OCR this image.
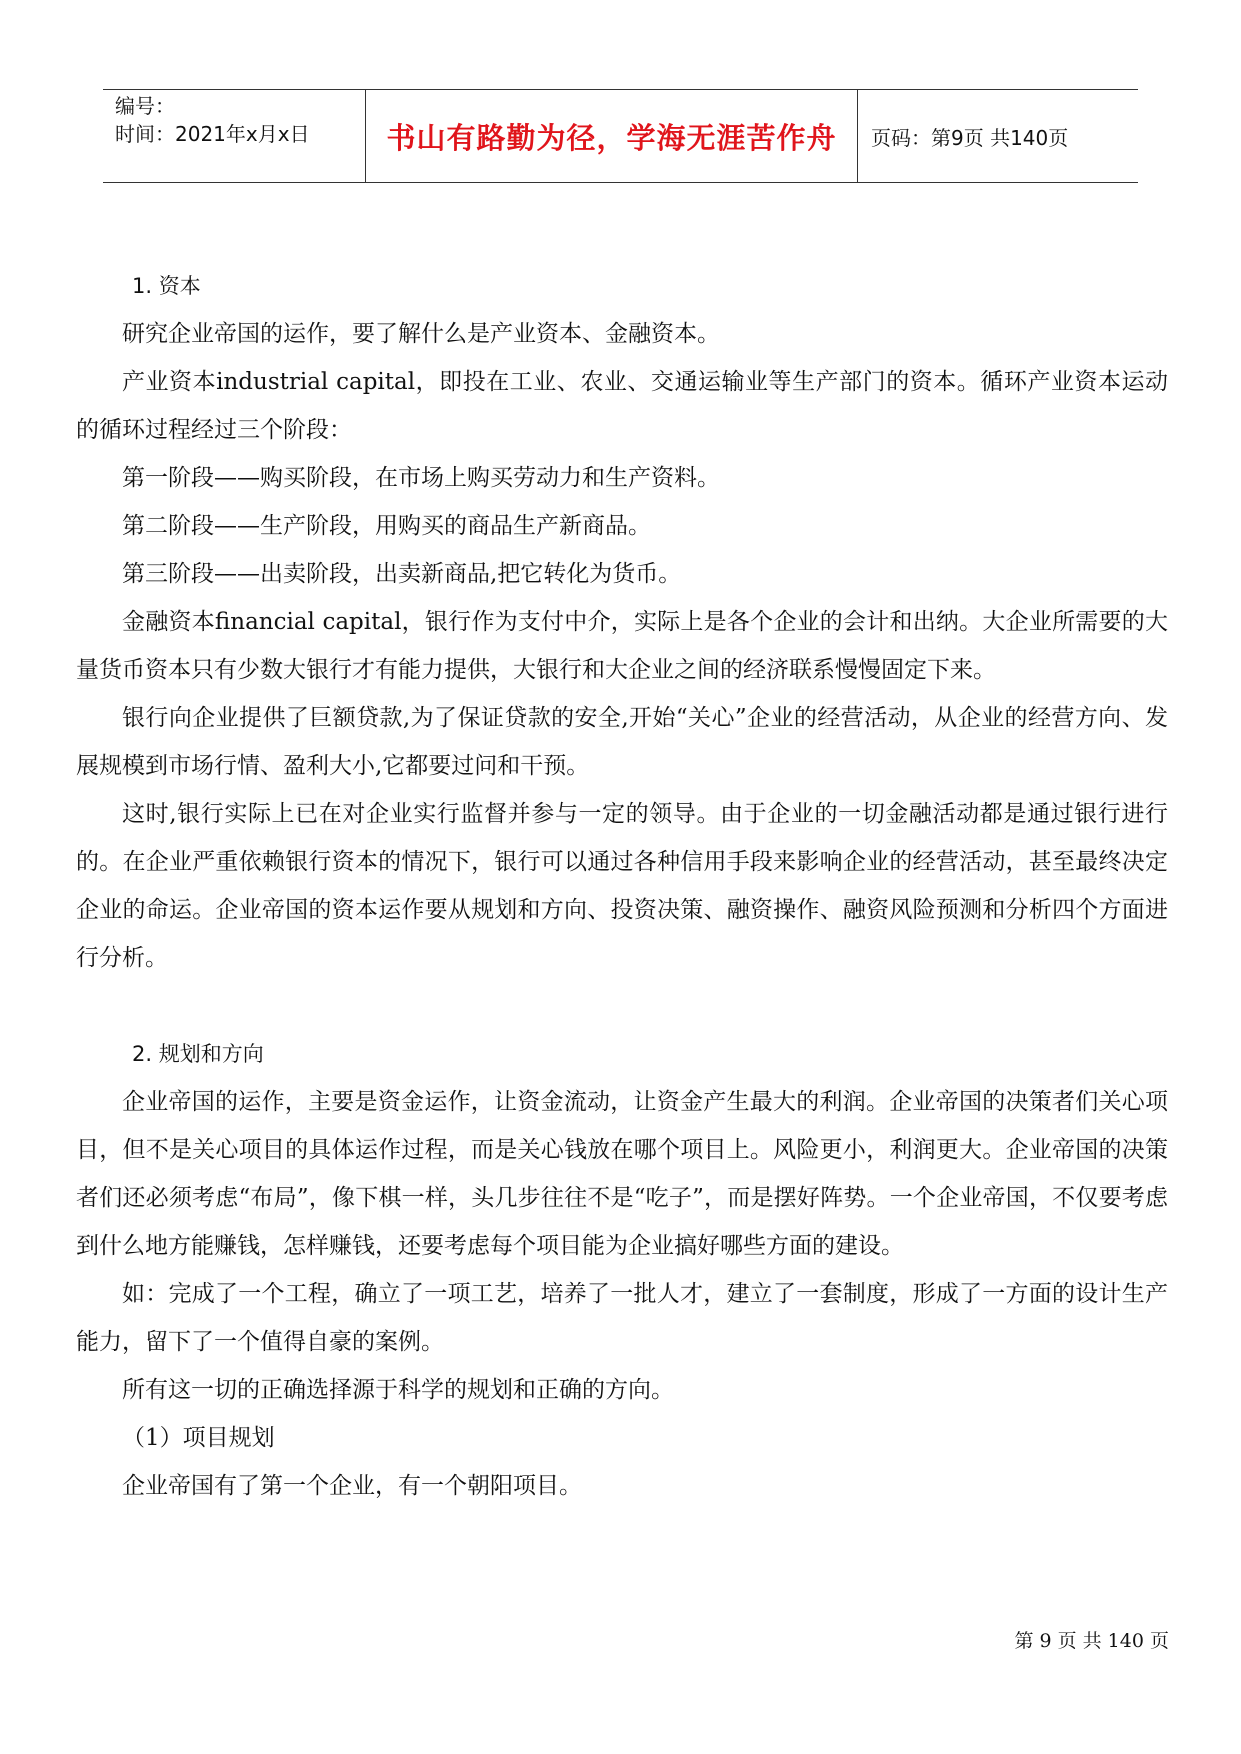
编号：
时间：2021年x月x日	书山有路勤为径，学海无涯苦作舟 页码：第9页 共140页

1. 资本

研究企业帝国的运作，要了解什么是产业资本、金融资本。

产业资本industrial capital，即投在工业、农业、交通运输业等生产部门的资本。循环产业资本运动的循环过程经过三个阶段：

第一阶段——购买阶段，在市场上购买劳动力和生产资料。

第二阶段——生产阶段，用购买的商品生产新商品。

第三阶段——出卖阶段，出卖新商品,把它转化为货币。

金融资本financial capital，银行作为支付中介，实际上是各个企业的会计和出纳。大企业所需要的大量货币资本只有少数大银行才有能力提供，大银行和大企业之间的经济联系慢慢固定下来。

银行向企业提供了巨额贷款,为了保证贷款的安全,开始“关心”企业的经营活动，从企业的经营方向、发展规模到市场行情、盈利大小,它都要过问和干预。

这时,银行实际上已在对企业实行监督并参与一定的领导。由于企业的一切金融活动都是通过银行进行的。在企业严重依赖银行资本的情况下，银行可以通过各种信用手段来影响企业的经营活动，甚至最终决定企业的命运。企业帝国的资本运作要从规划和方向、投资决策、融资操作、融资风险预测和分析四个方面进行分析。

2. 规划和方向

企业帝国的运作，主要是资金运作，让资金流动，让资金产生最大的利润。企业帝国的决策者们关心项目，但不是关心项目的具体运作过程，而是关心钱放在哪个项目上。风险更小，利润更大。企业帝国的决策者们还必须考虑“布局”，像下棋一样，头几步往往不是“吃子”，而是摆好阵势。一个企业帝国，不仅要考虑到什么地方能赚钱，怎样赚钱，还要考虑每个项目能为企业搞好哪些方面的建设。

如：完成了一个工程，确立了一项工艺，培养了一批人才，建立了一套制度，形成了一方面的设计生产能力，留下了一个值得自豪的案例。

所有这一切的正确选择源于科学的规划和正确的方向。

（1）项目规划

企业帝国有了第一个企业，有一个朝阳项目。

第 9 页 共 140 页
